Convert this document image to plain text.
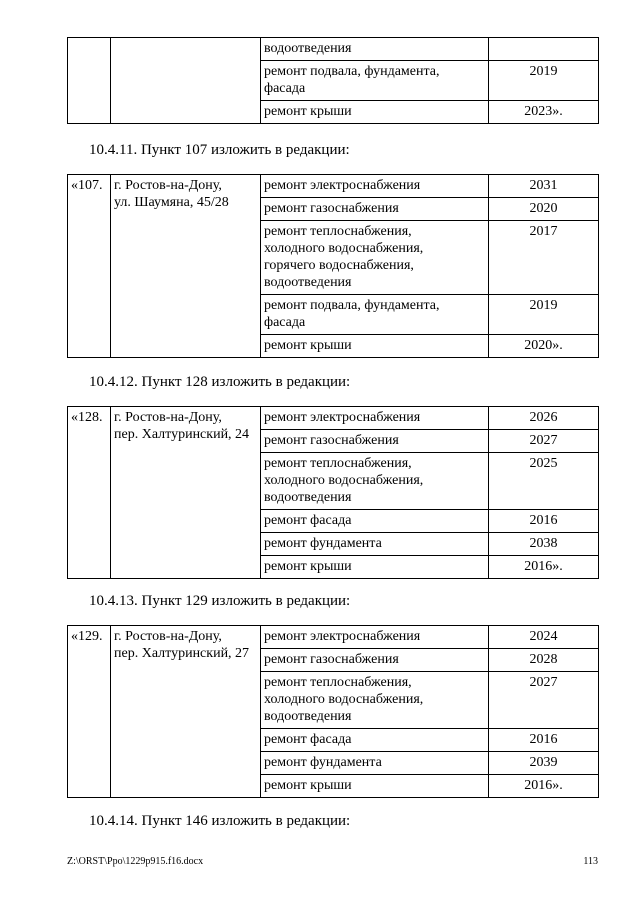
		водоотведения	
		ремонт подвала, фундамента,
фасада	2019
		ремонт крыши	2023».
10.4.11. Пункт 107 изложить в редакции:
«107.	г. Ростов-на-Дону,
ул. Шаумяна, 45/28	ремонт электроснабжения	2031
		ремонт газоснабжения	2020
		ремонт теплоснабжения,
холодного водоснабжения,
горячего водоснабжения,
водоотведения	2017
		ремонт подвала, фундамента,
фасада	2019
		ремонт крыши	2020».
10.4.12. Пункт 128 изложить в редакции:
«128.	г. Ростов-на-Дону,
пер. Халтуринский, 24	ремонт электроснабжения	2026
		ремонт газоснабжения	2027
		ремонт теплоснабжения,
холодного водоснабжения,
водоотведения	2025
		ремонт фасада	2016
		ремонт фундамента	2038
		ремонт крыши	2016».
10.4.13. Пункт 129 изложить в редакции:
«129.	г. Ростов-на-Дону,
пер. Халтуринский, 27	ремонт электроснабжения	2024
		ремонт газоснабжения	2028
		ремонт теплоснабжения,
холодного водоснабжения,
водоотведения	2027
		ремонт фасада	2016
		ремонт фундамента	2039
		ремонт крыши	2016».
10.4.14. Пункт 146 изложить в редакции:
Z:\ORST\Ppo\1229p915.f16.docx	113
